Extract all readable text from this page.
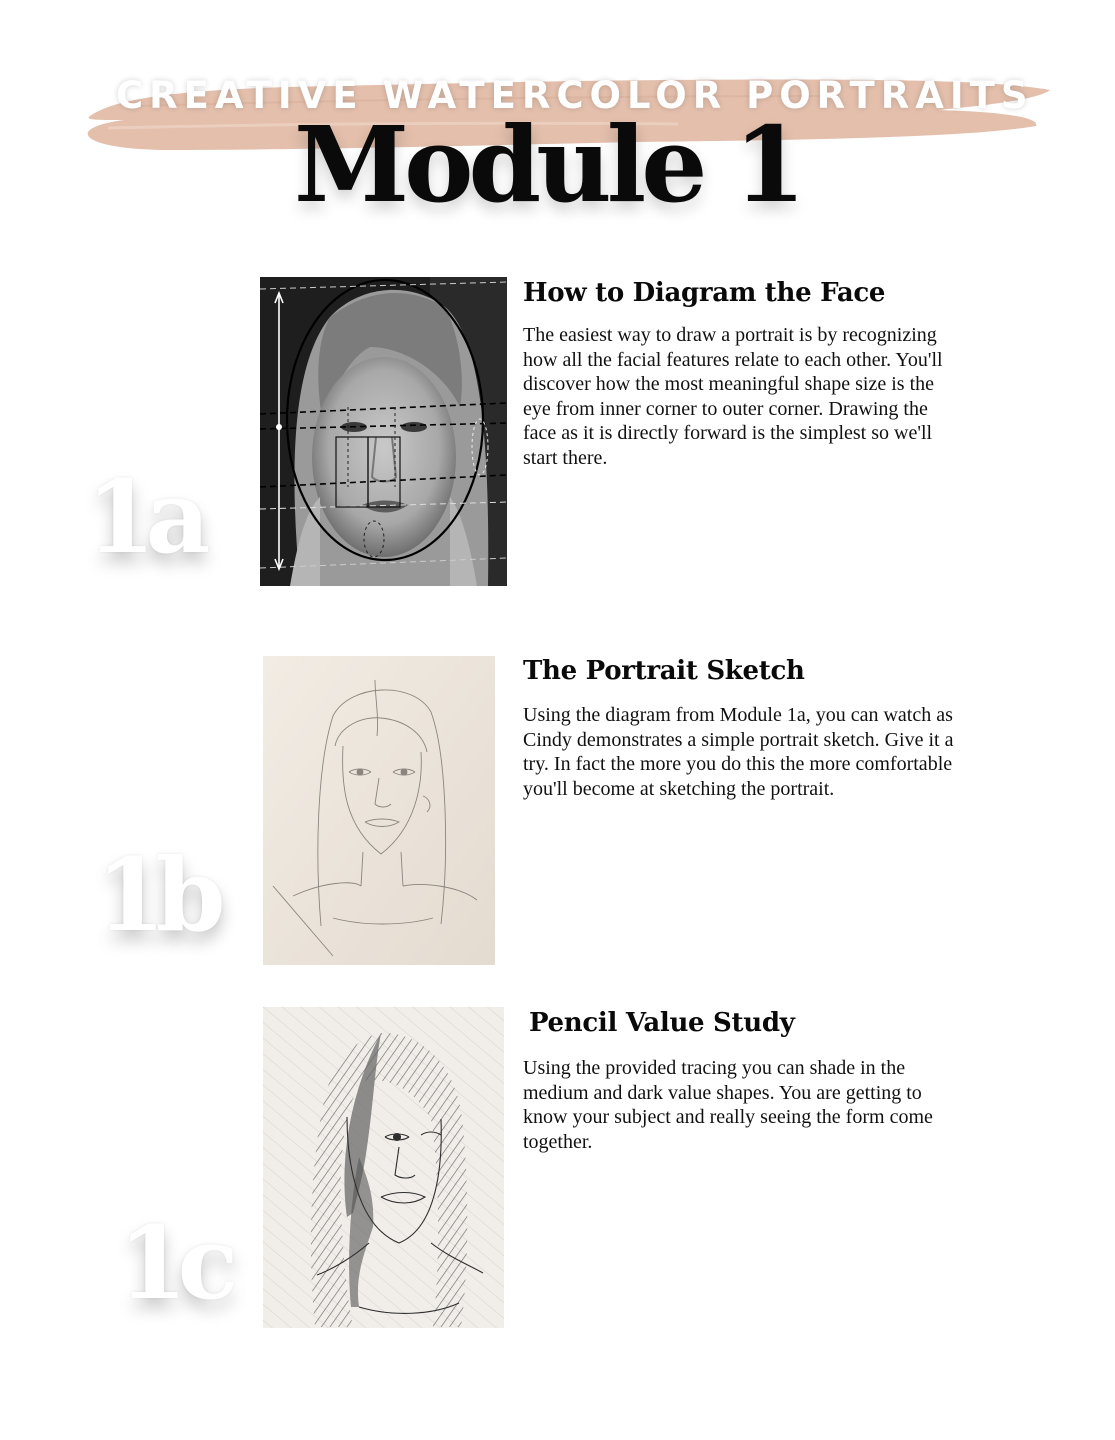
CREATIVE WATERCOLOR PORTRAITS
Module 1
1a
How to Diagram the Face
The easiest way to draw a portrait is by recognizing how all the facial features relate to each other. You'll discover how the most meaningful shape size is the eye from inner corner to outer corner. Drawing the face as it is directly forward is the simplest so we'll start there.
1b
The Portrait Sketch
Using the diagram from Module 1a, you can watch as Cindy demonstrates a simple portrait sketch. Give it a try. In fact the more you do this the more comfortable you'll become at sketching the portrait.
1c
Pencil Value Study
Using the provided tracing you can shade in the medium and dark value shapes. You are getting to know your subject and really seeing the form come together.
